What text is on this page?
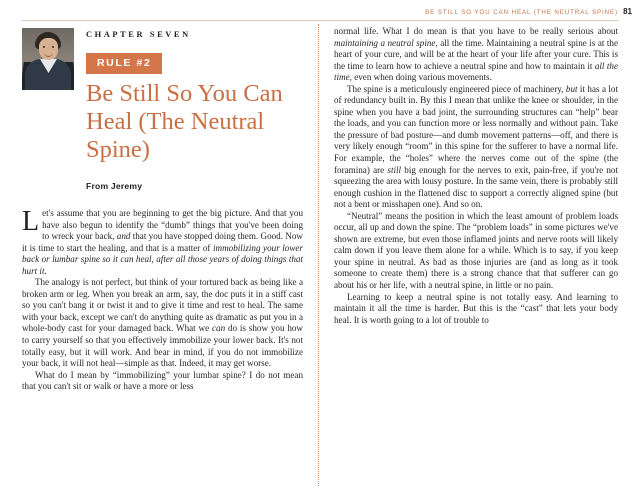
BE STILL SO YOU CAN HEAL (THE NEUTRAL SPINE) 81
CHAPTER SEVEN
RULE #2
Be Still So You Can Heal (The Neutral Spine)
From Jeremy

Let's assume that you are beginning to get the big picture. And that you have also begun to identify the “dumb” things that you've been doing to wreck your back, and that you have stopped doing them. Good. Now it is time to start the healing, and that is a matter of immobilizing your lower back or lumbar spine so it can heal, after all those years of doing things that hurt it.

The analogy is not perfect, but think of your tortured back as being like a broken arm or leg. When you break an arm, say, the doc puts it in a stiff cast so you can't bang it or twist it and to give it time and rest to heal. The same with your back, except we can't do anything quite as dramatic as put you in a whole-body cast for your damaged back. What we can do is show you how to carry yourself so that you effectively immobilize your lower back. It's not totally easy, but it will work. And bear in mind, if you do not immobilize your back, it will not heal—simple as that. Indeed, it may get worse.

What do I mean by “immobilizing” your lumbar spine? I do not mean that you can't sit or walk or have a more or less

normal life. What I do mean is that you have to be really serious about maintaining a neutral spine, all the time. Maintaining a neutral spine is at the heart of your cure, and will be at the heart of your life after your cure. This is the time to learn how to achieve a neutral spine and how to maintain it all the time, even when doing various movements.

The spine is a meticulously engineered piece of machinery, but it has a lot of redundancy built in. By this I mean that unlike the knee or shoulder, in the spine when you have a bad joint, the surrounding structures can “help” bear the loads, and you can function more or less normally and without pain. Take the pressure of bad posture—and dumb movement patterns—off, and there is very likely enough “room” in this spine for the sufferer to have a normal life. For example, the “holes” where the nerves come out of the spine (the foramina) are still big enough for the nerves to exit, pain-free, if you're not squeezing the area with lousy posture. In the same vein, there is probably still enough cushion in the flattened disc to support a correctly aligned spine (but not a bent or misshapen one). And so on.

“Neutral” means the position in which the least amount of problem loads occur, all up and down the spine. The “problem loads” in some pictures we've shown are extreme, but even those inflamed joints and nerve roots will likely calm down if you leave them alone for a while. Which is to say, if you keep your spine in neutral. As bad as those injuries are (and as long as it took someone to create them) there is a strong chance that that sufferer can go about his or her life, with a neutral spine, in little or no pain.

Learning to keep a neutral spine is not totally easy. And learning to maintain it all the time is harder. But this is the “cast” that lets your body heal. It is worth going to a lot of trouble to
